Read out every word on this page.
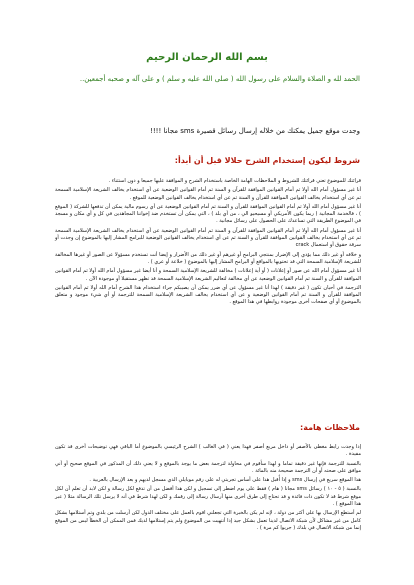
بسم الله الرحمان الرحيم
الحمد لله و الصلاة والسلام على رسول الله ( صلى الله عليه و سلم ) و على آله و صحبه أجمعين..
وجدت موقع جميل يمكنك من خلاله إرسال رسائل قصيرة sms مجانا !!!!
شروط ليكون إستخدام الشرح حلالا قبل أن أبدأ:

قرائتك للموضوع تعني قرائتك للشروط و الملاحظات الهامة الخاصة باستخدام الشرح و الموافقة عليها جميعا و دون استثناء .

أنا غير مسؤول أمام الله أولا ثم أمام القوانين الموافقة للقرآن و السنة ثم أمام القوانين الوضعية عن أي استخدام يخالف الشريعة الإسلامية السمحة ثم عن أي استخدام يخالف القوانين الموافقة للقرآن و السنة ثم عن أي استخدام يخالف القوانين الوضعية للموقع .

أنا غير مسؤول أمام الله أولا ثم أمام القوانين الموافقة للقرآن و السنة ثم أمام القوانين الوضعية عن أي رسوم مالية يمكن أن تدفعها للشركة ( الموقع ) ، فالخدمة المجانية ( ربما يكون الأمريكي أو مسيحيو الي ، من أي بلد ) ، التي يمكن أن تستخدم ضد إخواننا المجاهدين في كل و أي مكان و مسجد في الموضوع الطريقة التي تساعدك على الحصول على رسائل مجانية .

أنا غير مسؤول أمام الله أولا ثم أمام القوانين الموافقة للقرآن و السنة ثم أمام القوانين الوضعية عن أي استخدام يخالف الشريعة الإسلامية السمحة ثم عن أي استخدام يخالف القوانين الموافقة للقرآن و السنة ثم عن أي استخدام يخالف القوانين الوضعية للبرامج المشار إليها بالموضوع إن وجدت أو سرقة حقوق أو استعمال crack

و خلافه أو غير ذلك مما يؤدي إلى الإضرار بمنتجي البرامج أو غيرهم أو غير ذلك من الأضرار و إيضا أنت تستخدم مسؤولا عن الصور أو غيرها المخالفة للشريعة الإسلامية السمحة التي قد تحتويها بالمواقع أو البرامج المشار إليها بالموضوع ( خلاعة أو عري ) .

أنا غير مسؤول أمام الله عن صور أو إعلانات ( أو أية إعلانات ) مخالفة للشريعة الإسلامية السمحة و أنا أيضا غير مسؤول أمام الله أولا ثم أمام القوانين الموافقة للقرآن و السنة ثم أمام القوانين الوضعية عن أي مخالفة لتعاليم الشريعة الإسلامية السمحة قد تظهر مستقبلا أو موجودة الآن .

الترجمة في أحيان تكون ( غير دقيقة ) لهذا أنا غير مسؤول عن أي ضرر يمكن أن يصيبكم جراء استخدام هذا الشرح أمام الله أولا ثم أمام القوانين الموافقة للقرآن و السنة ثم أمام القوانين الوضعية و عن أي استخدام يخالف الشريعة الإسلامية السمحة للترجمة أو أي شيء موجود و متعلق بالموضوع أو أي صفحات أخرى موجودة روابطها في هذا الموقع .

ملاحظات هامة:

إذا وجدت رابط مغطى بالأصفر أو داخل مربع أصفر فهذا يعني ( في الغالب ) الشرح الرئيسي بالموضوع أما الباقي فهي توضيحات أخرى قد تكون مفيدة .

بالنسبة للترجمة فإنها غير دقيقة تماما و لهذا سأقوم في محاولة لترجمة بعض ما يوجد بالموقع و لا يعني ذلك أن المذكور في الموقع صحيح أو أني موافق على صحته أو أن الترجمة صحيحة منه بالمائة .

هذا الموقع سريع في إرسال sms و إذا أُقبل هذا على أساس تجربتي له على رقم موبايلي الذي مسجل لديهم و بعد الإرسال بالعربية .

بالنسبة ( ٥ - ١٠ ) رسائل sms مجانا ( هام ) فقط على يوم اضطر إلى تسجيل و لكن هذا أفضل من أن تدفع لكل رسالة و لكن لابد أن تعلم أن لكل موقع شرط قد لا تكون ذات فائدة و قد تحتاج إلى طرق أخرى منها أرسال رسالة إلى رقمك و لكن لهذا شرط في أنه لا يرسل تلك الرسالة مثلا ( عبر هذا الموقع ) .

لم أستطع الإرسال بها على أكثر من دولة ، لإنه لم يكن بالخبرة التي تجعلني اقوم بالعمل على مختلف الدول لكن أرسلت من بلدي وتم أستلامها بشكل كامل من غير مشاكل لأن شبكة الاتصال لدينا تعمل بشكل جيد إذا أنتهيت من الموضوع ولم يتم إستلامها لديك فمن الممكن أن الخطأ ليس من الموقع إنما من شبكة الاتصال في بلدك ( جربوا كم مرة ) .
